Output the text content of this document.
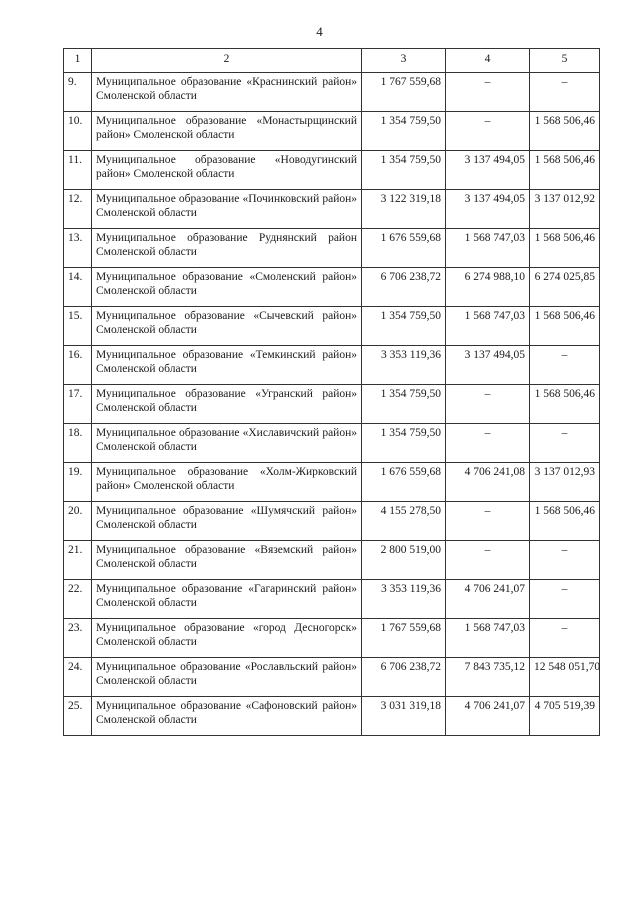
4
1	2	3	4	5
9.	Муниципальное образование «Краснинский район» Смоленской области	1 767 559,68	–	–
10.	Муниципальное образование «Монастырщинский район» Смоленской области	1 354 759,50	–	1 568 506,46
11.	Муниципальное образование «Новодугинский район» Смоленской области	1 354 759,50	3 137 494,05	1 568 506,46
12.	Муниципальное образование «Починковский район» Смоленской области	3 122 319,18	3 137 494,05	3 137 012,92
13.	Муниципальное образование Руднянский район Смоленской области	1 676 559,68	1 568 747,03	1 568 506,46
14.	Муниципальное образование «Смоленский район» Смоленской области	6 706 238,72	6 274 988,10	6 274 025,85
15.	Муниципальное образование «Сычевский район» Смоленской области	1 354 759,50	1 568 747,03	1 568 506,46
16.	Муниципальное образование «Темкинский район» Смоленской области	3 353 119,36	3 137 494,05	–
17.	Муниципальное образование «Угранский район» Смоленской области	1 354 759,50	–	1 568 506,46
18.	Муниципальное образование «Хиславичский район» Смоленской области	1 354 759,50	–	–
19.	Муниципальное образование «Холм-Жирковский район» Смоленской области	1 676 559,68	4 706 241,08	3 137 012,93
20.	Муниципальное образование «Шумячский район» Смоленской области	4 155 278,50	–	1 568 506,46
21.	Муниципальное образование «Вяземский район» Смоленской области	2 800 519,00	–	–
22.	Муниципальное образование «Гагаринский район» Смоленской области	3 353 119,36	4 706 241,07	–
23.	Муниципальное образование «город Десногорск» Смоленской области	1 767 559,68	1 568 747,03	–
24.	Муниципальное образование «Рославльский район» Смоленской области	6 706 238,72	7 843 735,12	12 548 051,70
25.	Муниципальное образование «Сафоновский район» Смоленской области	3 031 319,18	4 706 241,07	4 705 519,39
